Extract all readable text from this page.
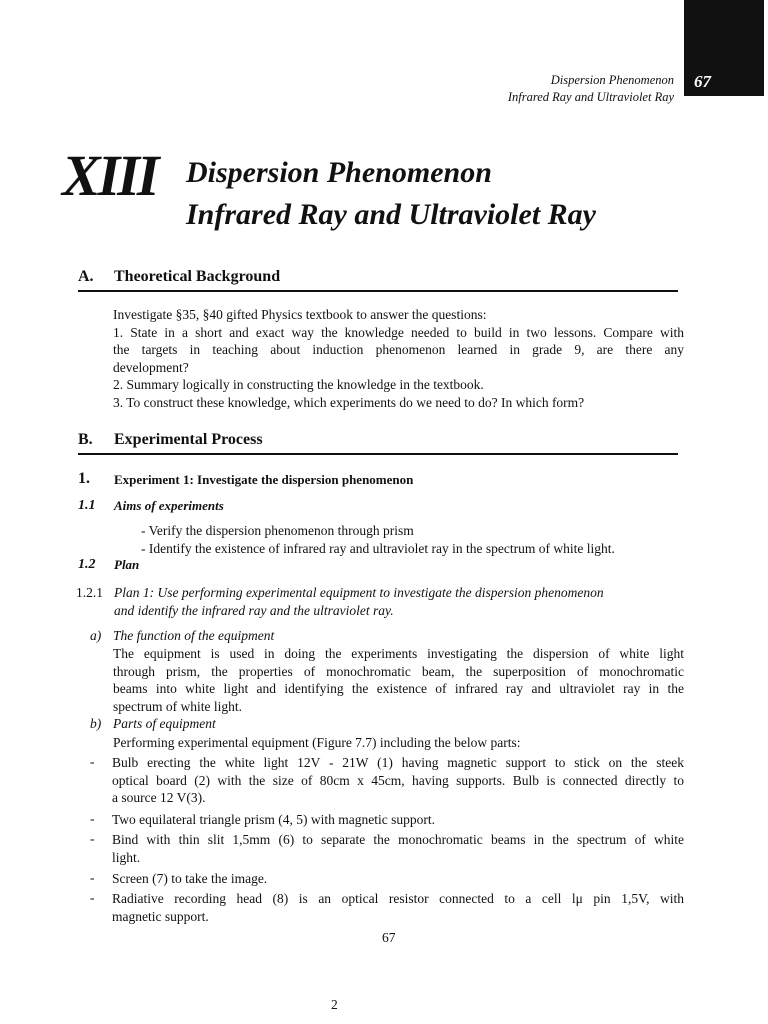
67
Dispersion Phenomenon
Infrared Ray and Ultraviolet Ray
XIII Dispersion Phenomenon
Infrared Ray and Ultraviolet Ray
A. Theoretical Background
Investigate §35, §40 gifted Physics textbook to answer the questions:
1. State in a short and exact way the knowledge needed to build in two lessons. Compare with
the targets in teaching about induction phenomenon learned in grade 9, are there any
development?
2. Summary logically in constructing the knowledge in the textbook.
3. To construct these knowledge, which experiments do we need to do? In which form?
B. Experimental Process
1. Experiment 1: Investigate the dispersion phenomenon
1.1 Aims of experiments
- Verify the dispersion phenomenon through prism
- Identify the existence of infrared ray and ultraviolet ray in the spectrum of white light.
1.2 Plan
1.2.1 Plan 1: Use performing experimental equipment to investigate the dispersion phenomenon
and identify the infrared ray and the ultraviolet ray.
a) The function of the equipment
The equipment is used in doing the experiments investigating the dispersion of white light
through prism, the properties of monochromatic beam, the superposition of monochromatic
beams into white light and identifying the existence of infrared ray and ultraviolet ray in the
spectrum of white light.
b) Parts of equipment
Performing experimental equipment (Figure 7.7) including the below parts:
- Bulb erecting the white light 12V - 21W (1) having magnetic support to stick on the steek
optical board (2) with the size of 80cm x 45cm, having supports. Bulb is connected directly to
a source 12 V(3).
- Two equilateral triangle prism (4, 5) with magnetic support.
- Bind with thin slit 1,5mm (6) to separate the monochromatic beams in the spectrum of white
light.
- Screen (7) to take the image.
- Radiative recording head (8) is an optical resistor connected to a cell lμ pin 1,5V, with
magnetic support.
67
2
